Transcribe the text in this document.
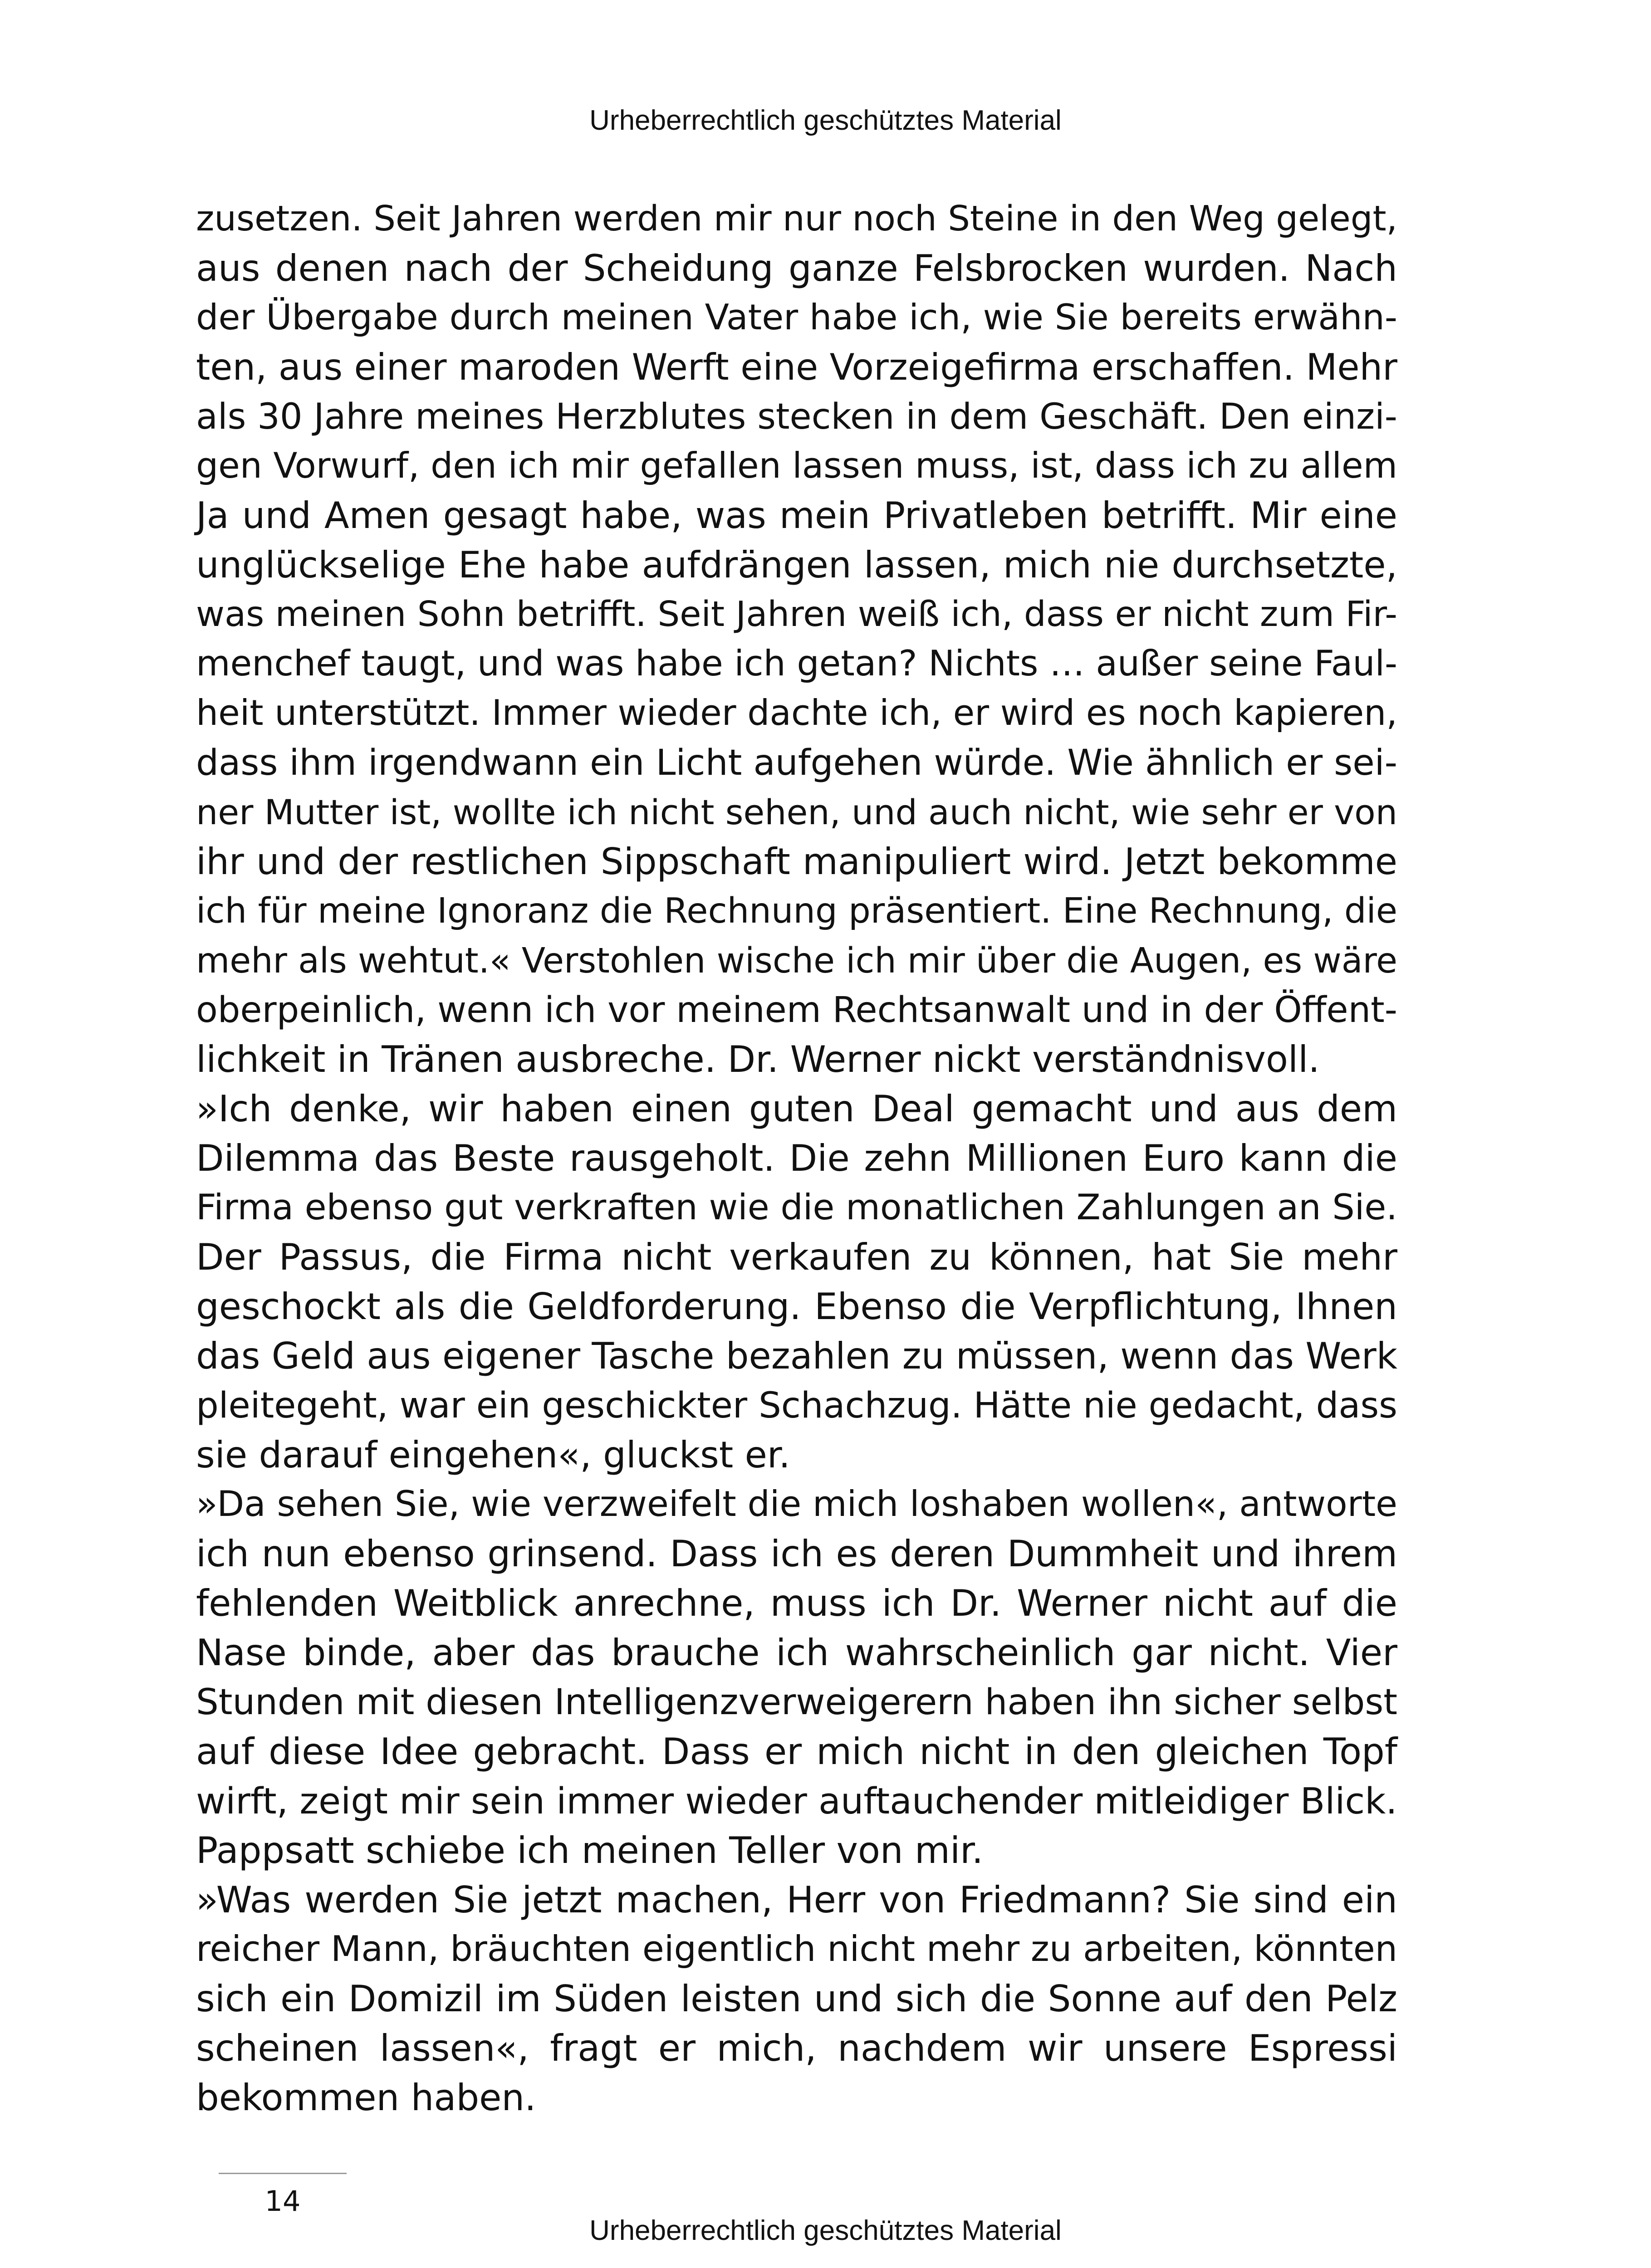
Urheberrechtlich geschütztes Material
zusetzen. Seit Jahren werden mir nur noch Steine in den Weg gelegt,
aus denen nach der Scheidung ganze Felsbrocken wurden. Nach
der Übergabe durch meinen Vater habe ich, wie Sie bereits erwähn-
ten, aus einer maroden Werft eine Vorzeigefirma erschaffen. Mehr
als 30 Jahre meines Herzblutes stecken in dem Geschäft. Den einzi-
gen Vorwurf, den ich mir gefallen lassen muss, ist, dass ich zu allem
Ja und Amen gesagt habe, was mein Privatleben betrifft. Mir eine
unglückselige Ehe habe aufdrängen lassen, mich nie durchsetzte,
was meinen Sohn betrifft. Seit Jahren weiß ich, dass er nicht zum Fir-
menchef taugt, und was habe ich getan? Nichts … außer seine Faul-
heit unterstützt. Immer wieder dachte ich, er wird es noch kapieren,
dass ihm irgendwann ein Licht aufgehen würde. Wie ähnlich er sei-
ner Mutter ist, wollte ich nicht sehen, und auch nicht, wie sehr er von
ihr und der restlichen Sippschaft manipuliert wird. Jetzt bekomme
ich für meine Ignoranz die Rechnung präsentiert. Eine Rechnung, die
mehr als wehtut.« Verstohlen wische ich mir über die Augen, es wäre
oberpeinlich, wenn ich vor meinem Rechtsanwalt und in der Öffent-
lichkeit in Tränen ausbreche. Dr. Werner nickt verständnisvoll.
»Ich denke, wir haben einen guten Deal gemacht und aus dem
Dilemma das Beste rausgeholt. Die zehn Millionen Euro kann die
Firma ebenso gut verkraften wie die monatlichen Zahlungen an Sie.
Der Passus, die Firma nicht verkaufen zu können, hat Sie mehr
geschockt als die Geldforderung. Ebenso die Verpflichtung, Ihnen
das Geld aus eigener Tasche bezahlen zu müssen, wenn das Werk
pleitegeht, war ein geschickter Schachzug. Hätte nie gedacht, dass
sie darauf eingehen«, gluckst er.
»Da sehen Sie, wie verzweifelt die mich loshaben wollen«, antworte
ich nun ebenso grinsend. Dass ich es deren Dummheit und ihrem
fehlenden Weitblick anrechne, muss ich Dr. Werner nicht auf die
Nase binde, aber das brauche ich wahrscheinlich gar nicht. Vier
Stunden mit diesen Intelligenzverweigerern haben ihn sicher selbst
auf diese Idee gebracht. Dass er mich nicht in den gleichen Topf
wirft, zeigt mir sein immer wieder auftauchender mitleidiger Blick.
Pappsatt schiebe ich meinen Teller von mir.
»Was werden Sie jetzt machen, Herr von Friedmann? Sie sind ein
reicher Mann, bräuchten eigentlich nicht mehr zu arbeiten, könnten
sich ein Domizil im Süden leisten und sich die Sonne auf den Pelz
scheinen lassen«, fragt er mich, nachdem wir unsere Espressi
bekommen haben.
14
Urheberrechtlich geschütztes Material
